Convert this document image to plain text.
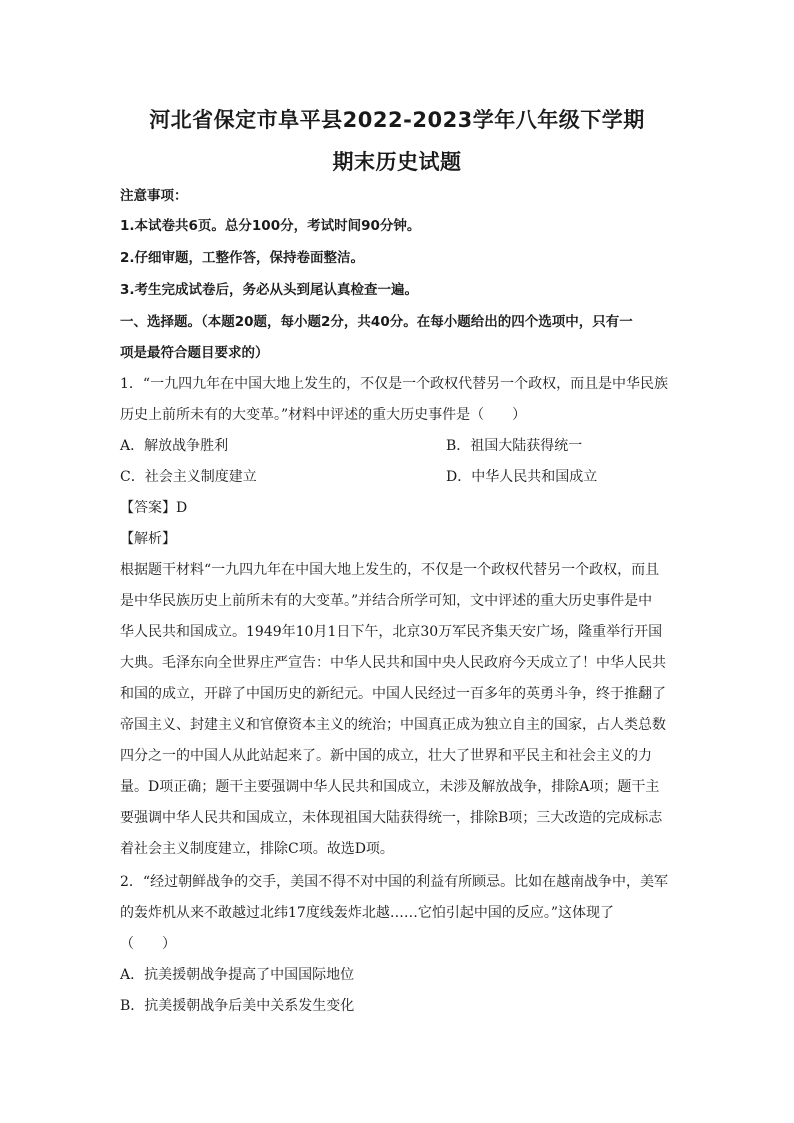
河北省保定市阜平县2022-2023学年八年级下学期
期末历史试题
注意事项：
1.本试卷共6页。总分100分，考试时间90分钟。
2.仔细审题，工整作答，保持卷面整洁。
3.考生完成试卷后，务必从头到尾认真检查一遍。
一、选择题。（本题20题，每小题2分，共40分。在每小题给出的四个选项中，只有一
项是最符合题目要求的）
1．“一九四九年在中国大地上发生的，不仅是一个政权代替另一个政权，而且是中华民族
历史上前所未有的大变革。”材料中评述的重大历史事件是（　　）
A．解放战争胜利	B．祖国大陆获得统一
C．社会主义制度建立	D．中华人民共和国成立
【答案】D
【解析】
根据题干材料“一九四九年在中国大地上发生的，不仅是一个政权代替另一个政权，而且
是中华民族历史上前所未有的大变革。”并结合所学可知，文中评述的重大历史事件是中
华人民共和国成立。1949年10月1日下午，北京30万军民齐集天安广场，隆重举行开国
大典。毛泽东向全世界庄严宣告：中华人民共和国中央人民政府今天成立了！中华人民共
和国的成立，开辟了中国历史的新纪元。中国人民经过一百多年的英勇斗争，终于推翻了
帝国主义、封建主义和官僚资本主义的统治；中国真正成为独立自主的国家，占人类总数
四分之一的中国人从此站起来了。新中国的成立，壮大了世界和平民主和社会主义的力
量。D项正确；题干主要强调中华人民共和国成立，未涉及解放战争，排除A项；题干主
要强调中华人民共和国成立，未体现祖国大陆获得统一，排除B项；三大改造的完成标志
着社会主义制度建立，排除C项。故选D项。
2．“经过朝鲜战争的交手，美国不得不对中国的利益有所顾忌。比如在越南战争中，美军
的轰炸机从来不敢越过北纬17度线轰炸北越……它怕引起中国的反应。”这体现了
（　　）
A．抗美援朝战争提高了中国国际地位
B．抗美援朝战争后美中关系发生变化
